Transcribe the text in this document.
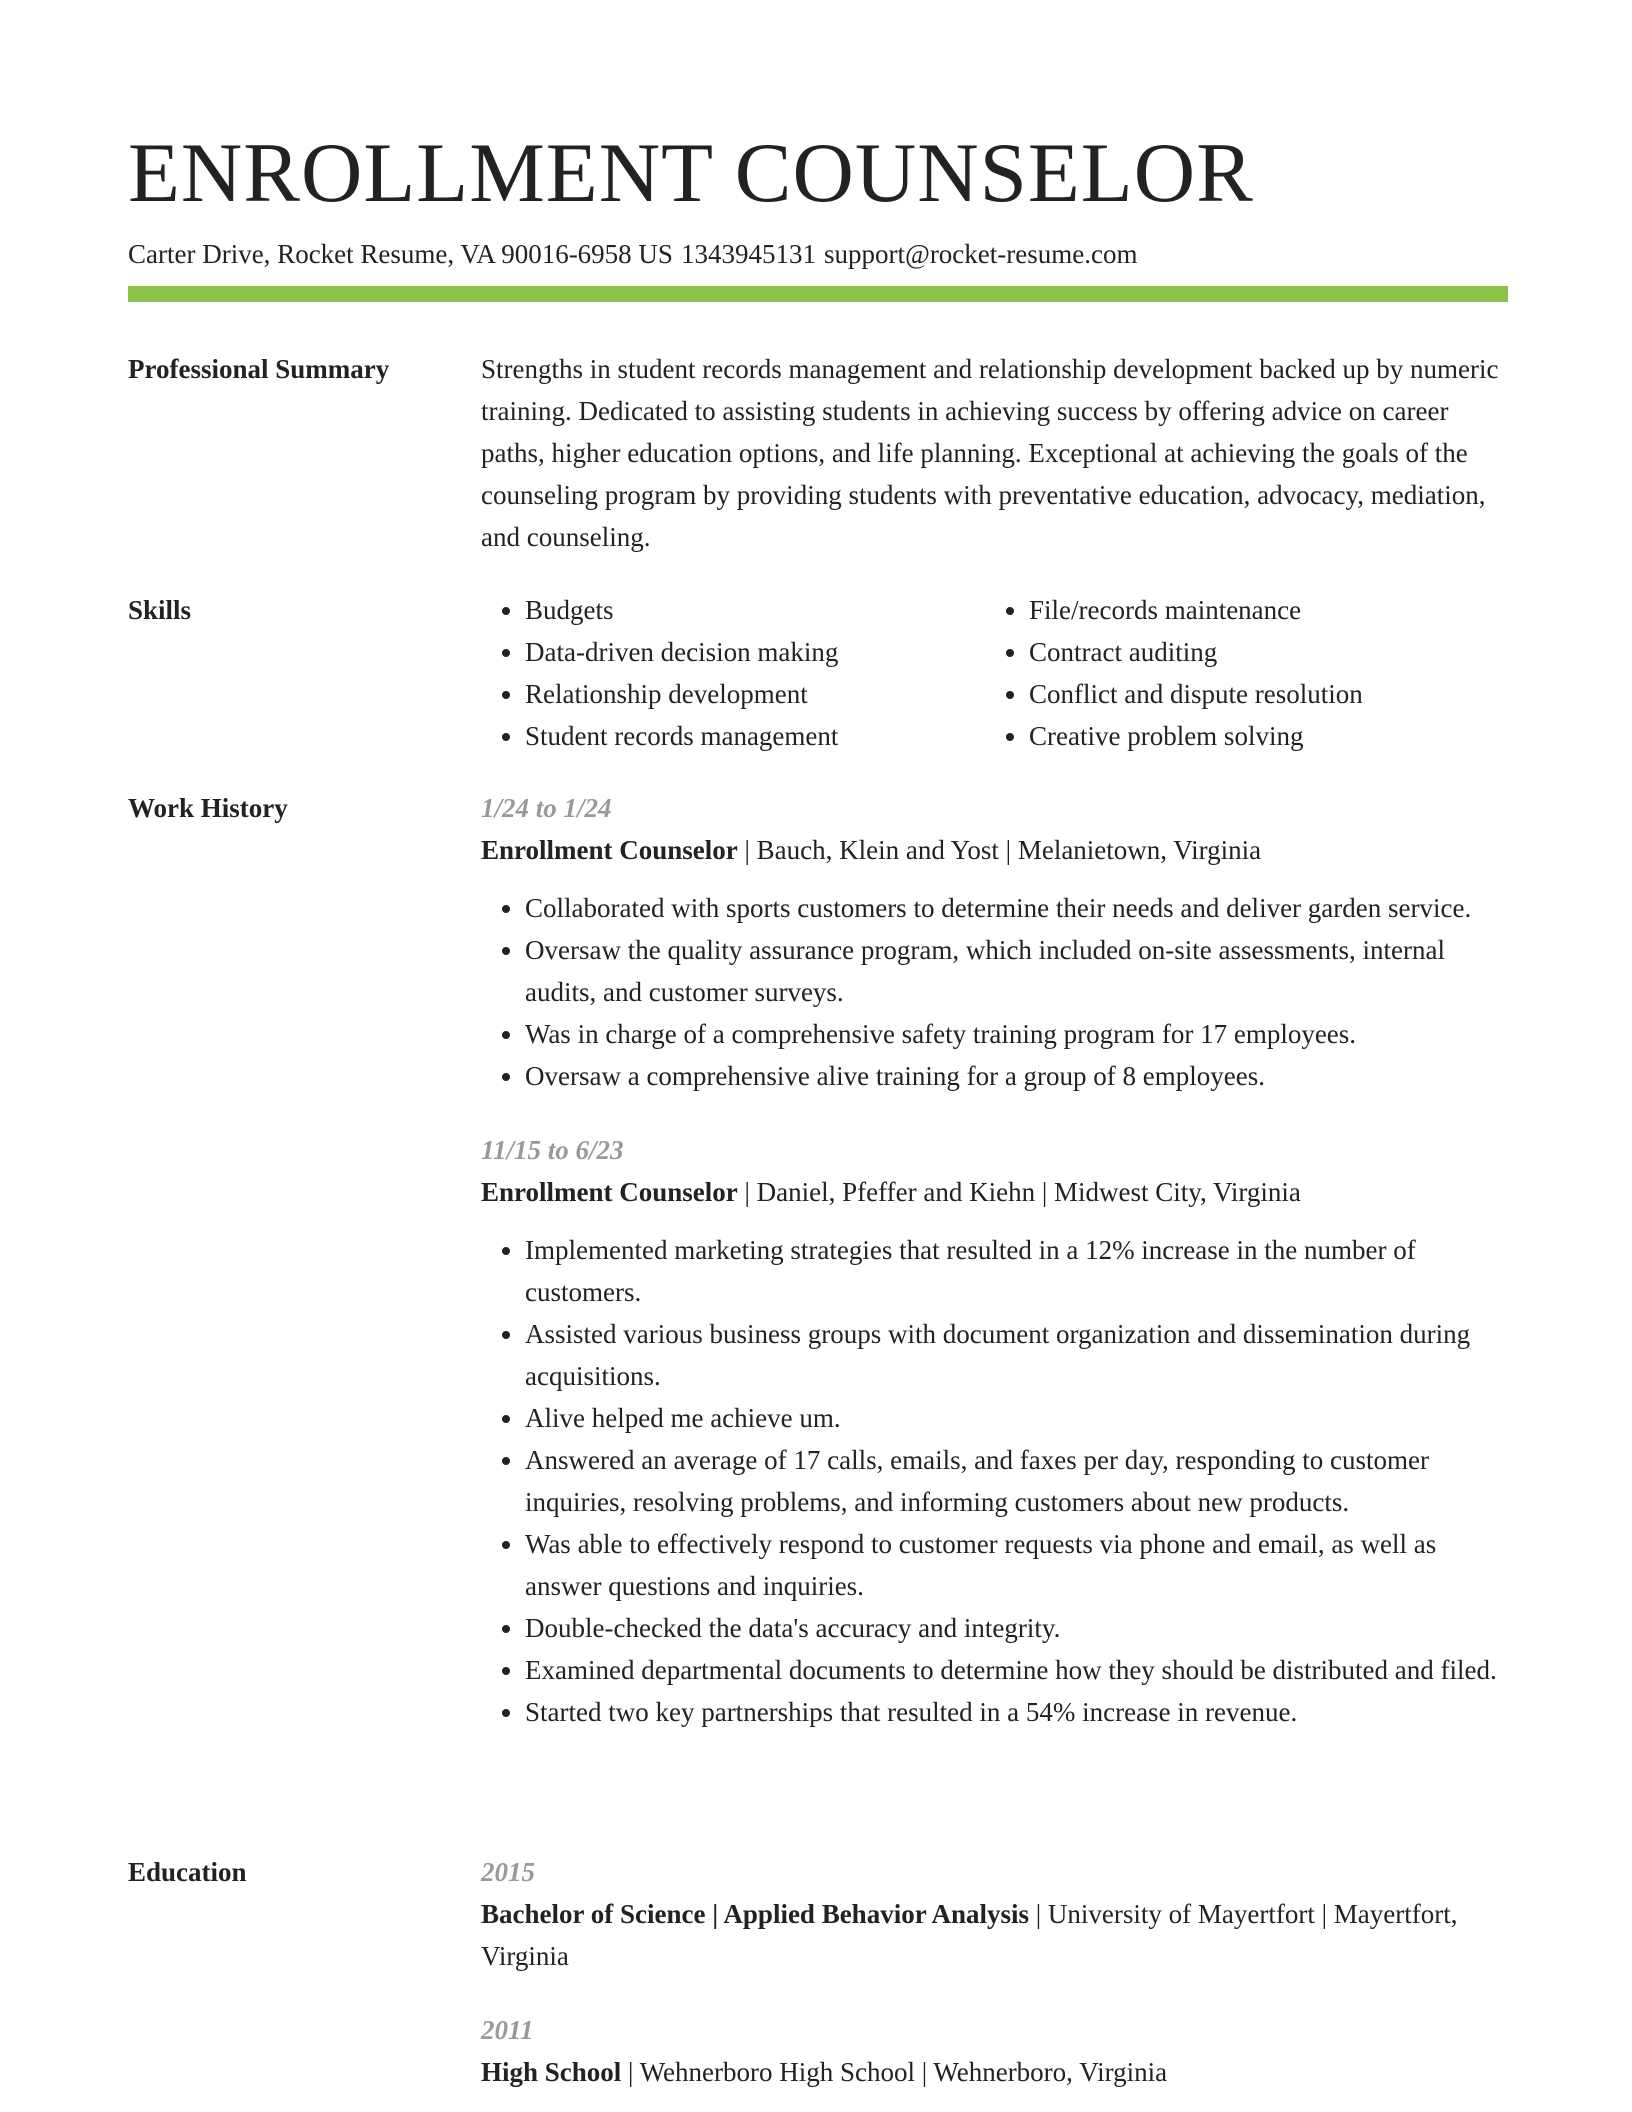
ENROLLMENT COUNSELOR
Carter Drive, Rocket Resume, VA 90016-6958 US 1343945131 support@rocket-resume.com
Professional Summary	Strengths in student records management and relationship development backed up by numeric training. Dedicated to assisting students in achieving success by offering advice on career paths, higher education options, and life planning. Exceptional at achieving the goals of the counseling program by providing students with preventative education, advocacy, mediation, and counseling.

Skills
•	Budgets
• Data-driven decision making
• Relationship development
• Student records management
• File/records maintenance
• Contract auditing
• Conflict and dispute resolution
• Creative problem solving
Work History	1/24 to 1/24
Enrollment Counselor | Bauch, Klein and Yost | Melanietown, Virginia
• Collaborated with sports customers to determine their needs and deliver garden service.
• Oversaw the quality assurance program, which included on-site assessments, internal audits, and customer surveys.
• Was in charge of a comprehensive safety training program for 17 employees.
• Oversaw a comprehensive alive training for a group of 8 employees.
11/15 to 6/23
Enrollment Counselor | Daniel, Pfeffer and Kiehn | Midwest City, Virginia
• Implemented marketing strategies that resulted in a 12% increase in the number of customers.
• Assisted various business groups with document organization and dissemination during acquisitions.
• Alive helped me achieve um.
• Answered an average of 17 calls, emails, and faxes per day, responding to customer inquiries, resolving problems, and informing customers about new products.
• Was able to effectively respond to customer requests via phone and email, as well as answer questions and inquiries.
• Double-checked the data's accuracy and integrity.
• Examined departmental documents to determine how they should be distributed and filed.
• Started two key partnerships that resulted in a 54% increase in revenue.
Education	2015
Bachelor of Science | Applied Behavior Analysis | University of Mayertfort | Mayertfort, Virginia
2011
High School | Wehnerboro High School | Wehnerboro, Virginia
